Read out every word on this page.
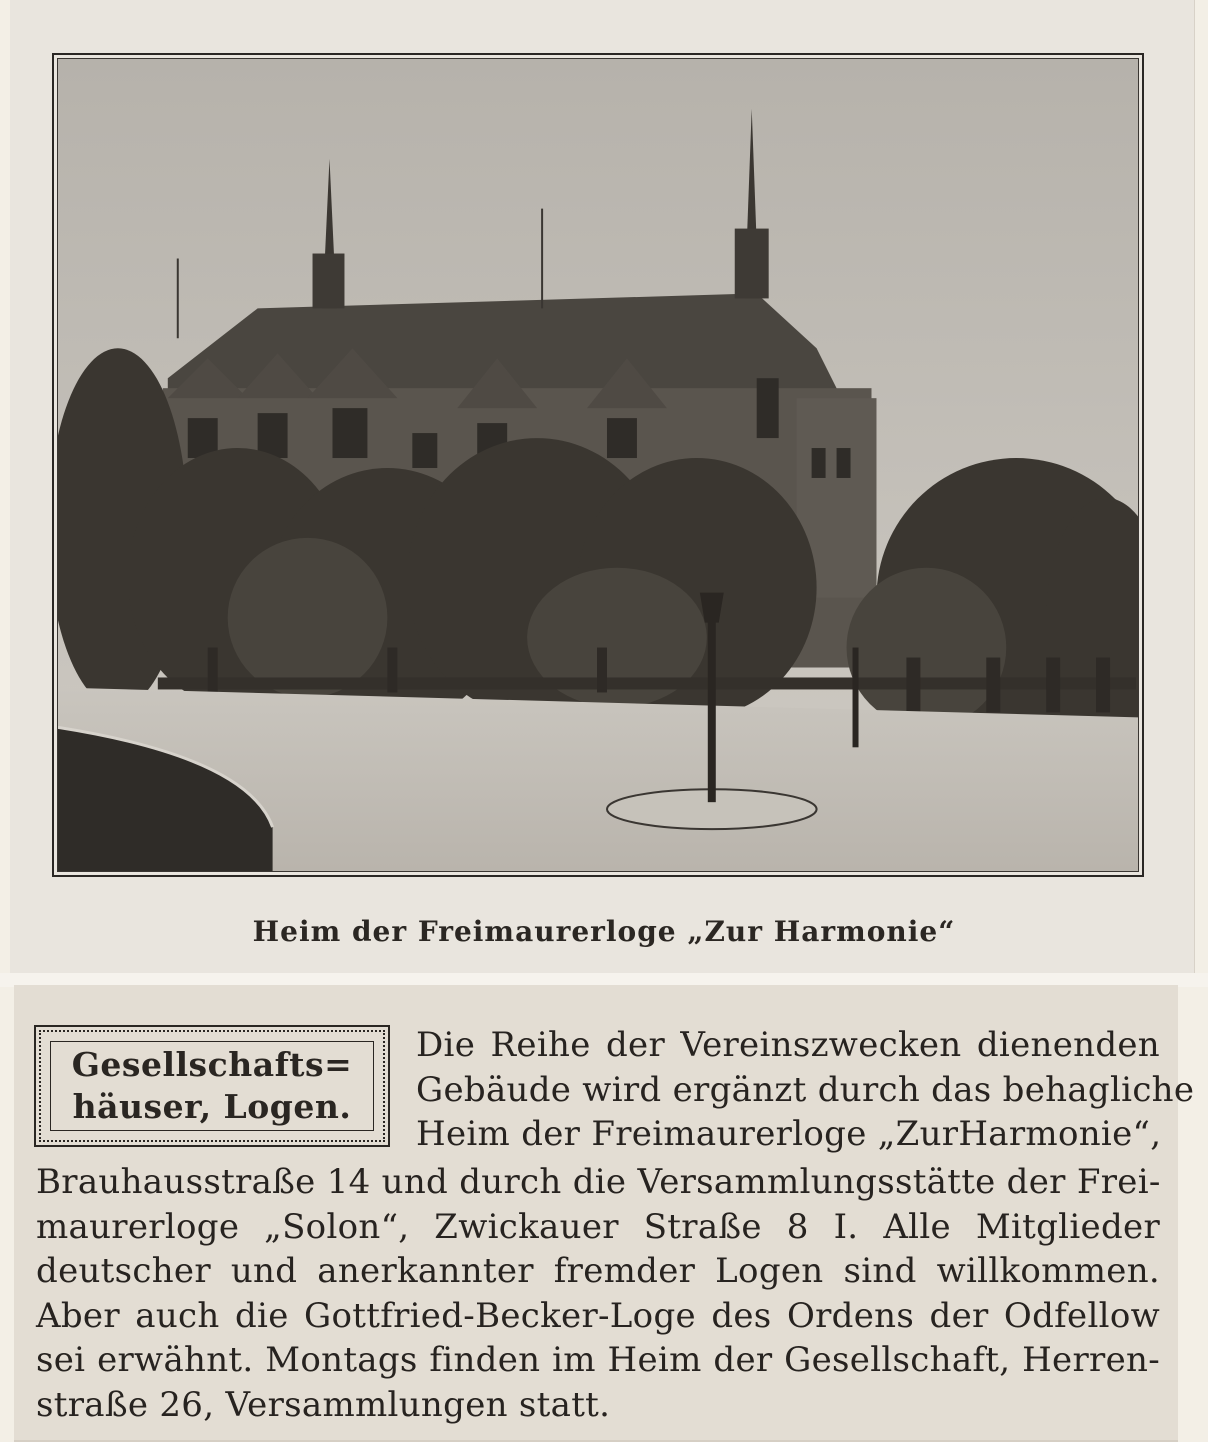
Heim der Freimaurerloge „Zur Harmonie“
Gesellschafts=
häuser, Logen.
Die Reihe der Vereinszwecken dienenden
Gebäude wird ergänzt durch das behagliche
Heim der Freimaurerloge „ZurHarmonie“,
Brauhausstraße 14 und durch die Versammlungsstätte der Frei-
maurerloge „Solon“, Zwickauer Straße 8 I. Alle Mitglieder
deutscher und anerkannter fremder Logen sind willkommen.
Aber auch die Gottfried-Becker-Loge des Ordens der Odfellow
sei erwähnt. Montags finden im Heim der Gesellschaft, Herren-
straße 26, Versammlungen statt.
